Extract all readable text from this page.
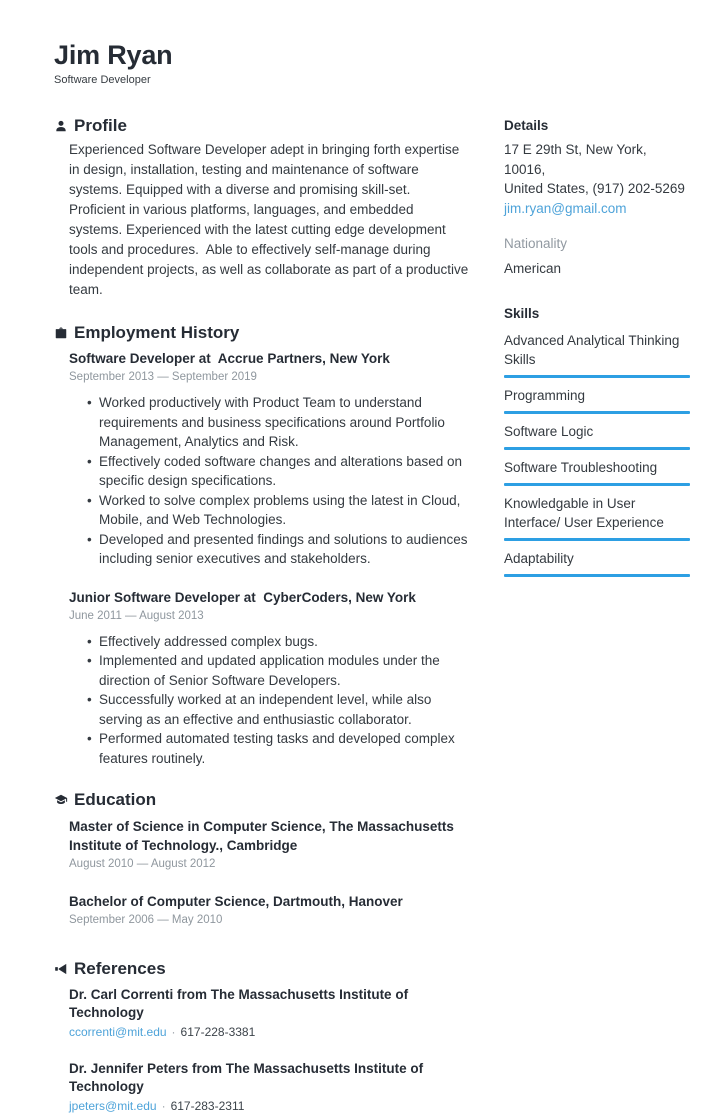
Jim Ryan
Software Developer
Profile
Experienced Software Developer adept in bringing forth expertise in design, installation, testing and maintenance of software systems. Equipped with a diverse and promising skill-set. Proficient in various platforms, languages, and embedded systems. Experienced with the latest cutting edge development tools and procedures.  Able to effectively self-manage during independent projects, as well as collaborate as part of a productive team.
Employment History
Software Developer at  Accrue Partners, New York
September 2013 — September 2019
• Worked productively with Product Team to understand requirements and business specifications around Portfolio Management, Analytics and Risk.
• Effectively coded software changes and alterations based on specific design specifications.
• Worked to solve complex problems using the latest in Cloud, Mobile, and Web Technologies.
• Developed and presented findings and solutions to audiences including senior executives and stakeholders.
Junior Software Developer at  CyberCoders, New York
June 2011 — August 2013
• Effectively addressed complex bugs.
• Implemented and updated application modules under the direction of Senior Software Developers.
• Successfully worked at an independent level, while also serving as an effective and enthusiastic collaborator.
• Performed automated testing tasks and developed complex features routinely.
Education
Master of Science in Computer Science, The Massachusetts Institute of Technology., Cambridge
August 2010 — August 2012
Bachelor of Computer Science, Dartmouth, Hanover
September 2006 — May 2010
References
Dr. Carl Correnti from The Massachusetts Institute of Technology
ccorrenti@mit.edu · 617-228-3381
Dr. Jennifer Peters from The Massachusetts Institute of Technology
jpeters@mit.edu · 617-283-2311
Details
17 E 29th St, New York, 10016,
United States, (917) 202-5269
jim.ryan@gmail.com
Nationality
American
Skills
Advanced Analytical Thinking Skills
Programming
Software Logic
Software Troubleshooting
Knowledgable in User Interface/ User Experience
Adaptability
